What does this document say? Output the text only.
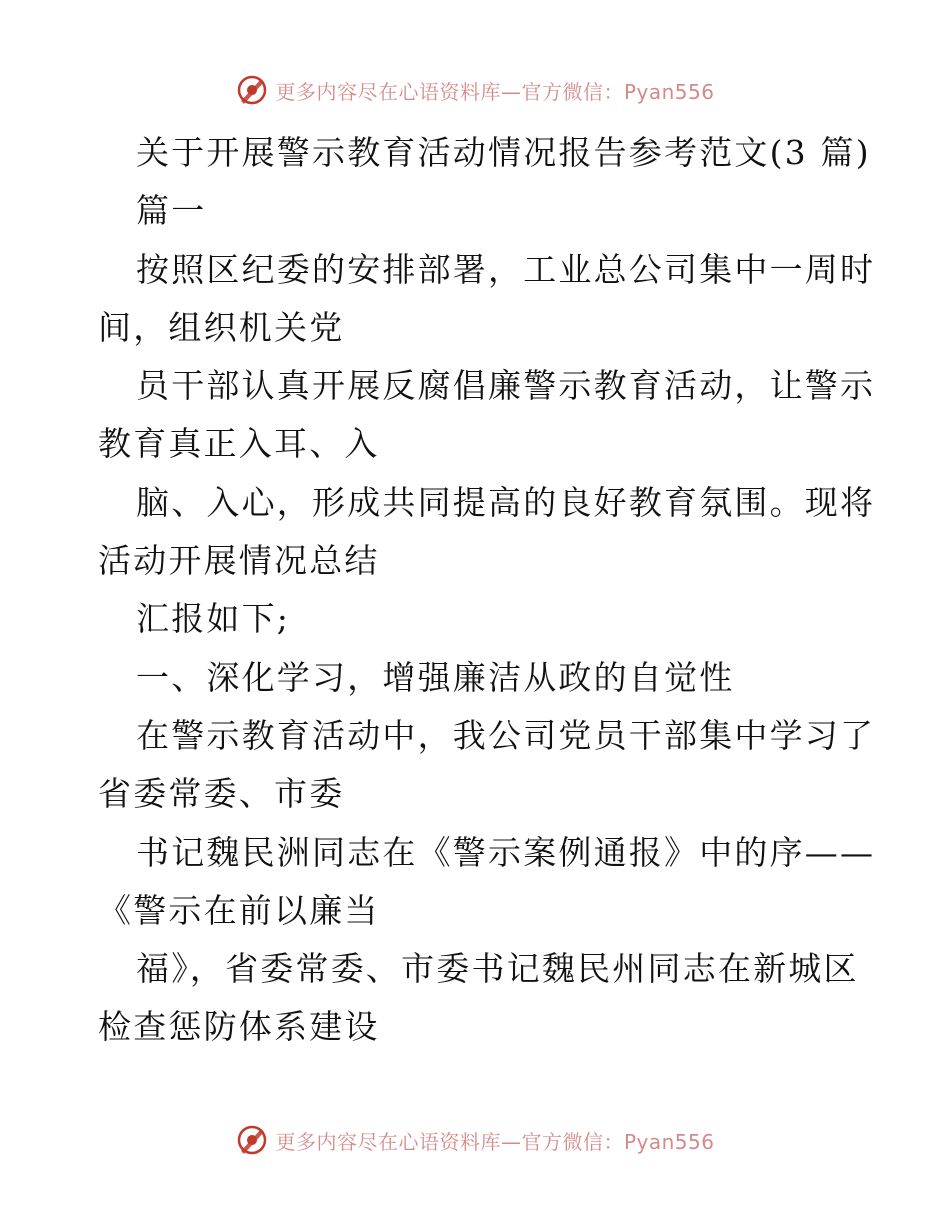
更多内容尽在心语资料库—官方微信：Pyan556
关于开展警示教育活动情况报告参考范文(3 篇)
篇一
按照区纪委的安排部署，工业总公司集中一周时
间，组织机关党
员干部认真开展反腐倡廉警示教育活动，让警示
教育真正入耳、入
脑、入心，形成共同提高的良好教育氛围。现将
活动开展情况总结
汇报如下;
一、深化学习，增强廉洁从政的自觉性
在警示教育活动中，我公司党员干部集中学习了
省委常委、市委
书记魏民洲同志在《警示案例通报》中的序——
《警示在前以廉当
福》，省委常委、市委书记魏民州同志在新城区
检查惩防体系建设
更多内容尽在心语资料库—官方微信：Pyan556
